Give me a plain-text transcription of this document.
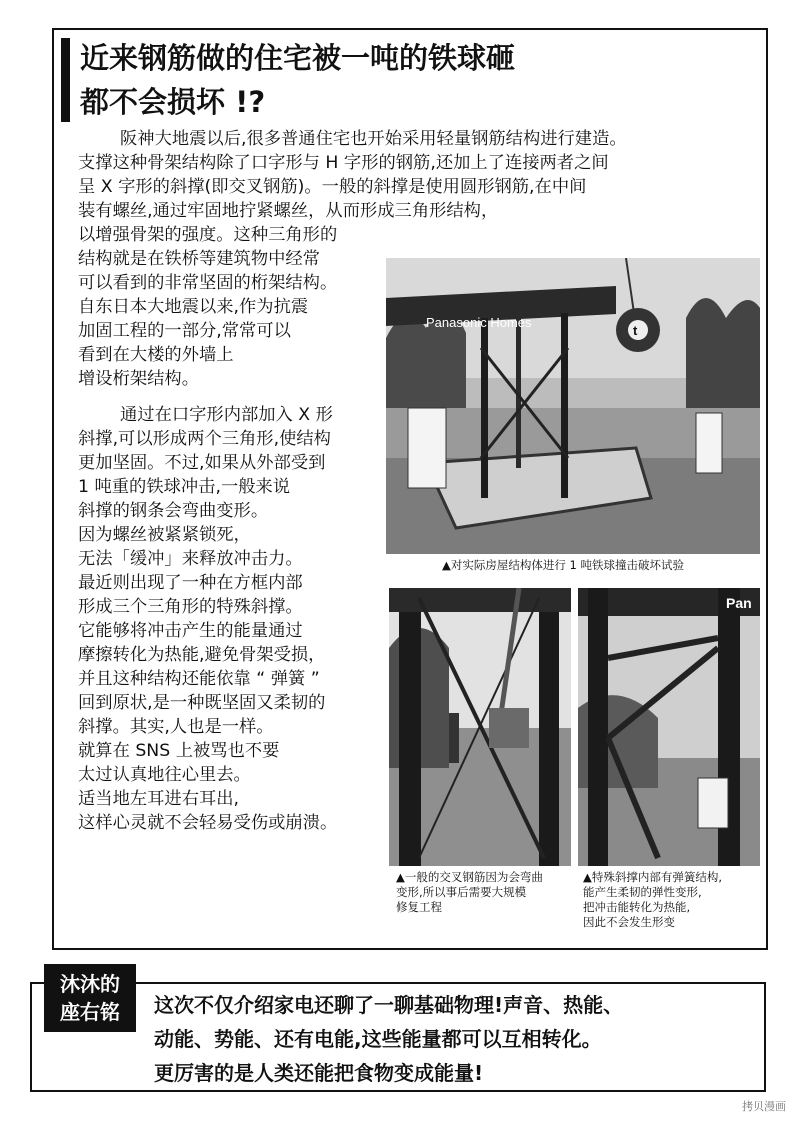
近来钢筋做的住宅被一吨的铁球砸
都不会损坏 !?

阪神大地震以后,很多普通住宅也开始采用轻量钢筋结构进行建造。

支撑这种骨架结构除了口字形与 H 字形的钢筋,还加上了连接两者之间

呈 X 字形的斜撑(即交叉钢筋)。一般的斜撑是使用圆形钢筋,在中间

装有螺丝,通过牢固地拧紧螺丝，从而形成三角形结构，

以增强骨架的强度。这种三角形的

结构就是在铁桥等建筑物中经常

可以看到的非常坚固的桁架结构。

自东日本大地震以来,作为抗震

加固工程的一部分,常常可以

看到在大楼的外墙上

增设桁架结构。

通过在口字形内部加入 X 形

斜撑,可以形成两个三角形,使结构

更加坚固。不过,如果从外部受到

1 吨重的铁球冲击,一般来说

斜撑的钢条会弯曲变形。

因为螺丝被紧紧锁死，

无法「缓冲」来释放冲击力。

最近则出现了一种在方框内部

形成三个三角形的特殊斜撑。

它能够将冲击产生的能量通过

摩擦转化为热能,避免骨架受损，

并且这种结构还能依靠 “ 弹簧 ”

回到原状,是一种既坚固又柔韧的

斜撑。其实,人也是一样。

就算在 SNS 上被骂也不要

太过认真地往心里去。

适当地左耳进右耳出,

这样心灵就不会轻易受伤或崩溃。

Panasonic Homes
t
▲对实际房屋结构体进行 1 吨铁球撞击破坏试验
▲一般的交叉钢筋因为会弯曲
变形,所以事后需要大规模
修复工程
Pan
▲特殊斜撑内部有弹簧结构,
能产生柔韧的弹性变形,
把冲击能转化为热能,
因此不会发生形变
沐沐的
座右铭	这次不仅介绍家电还聊了一聊基础物理!声音、热能、
动能、势能、还有电能,这些能量都可以互相转化。
更厉害的是人类还能把食物变成能量!
拷贝漫画
